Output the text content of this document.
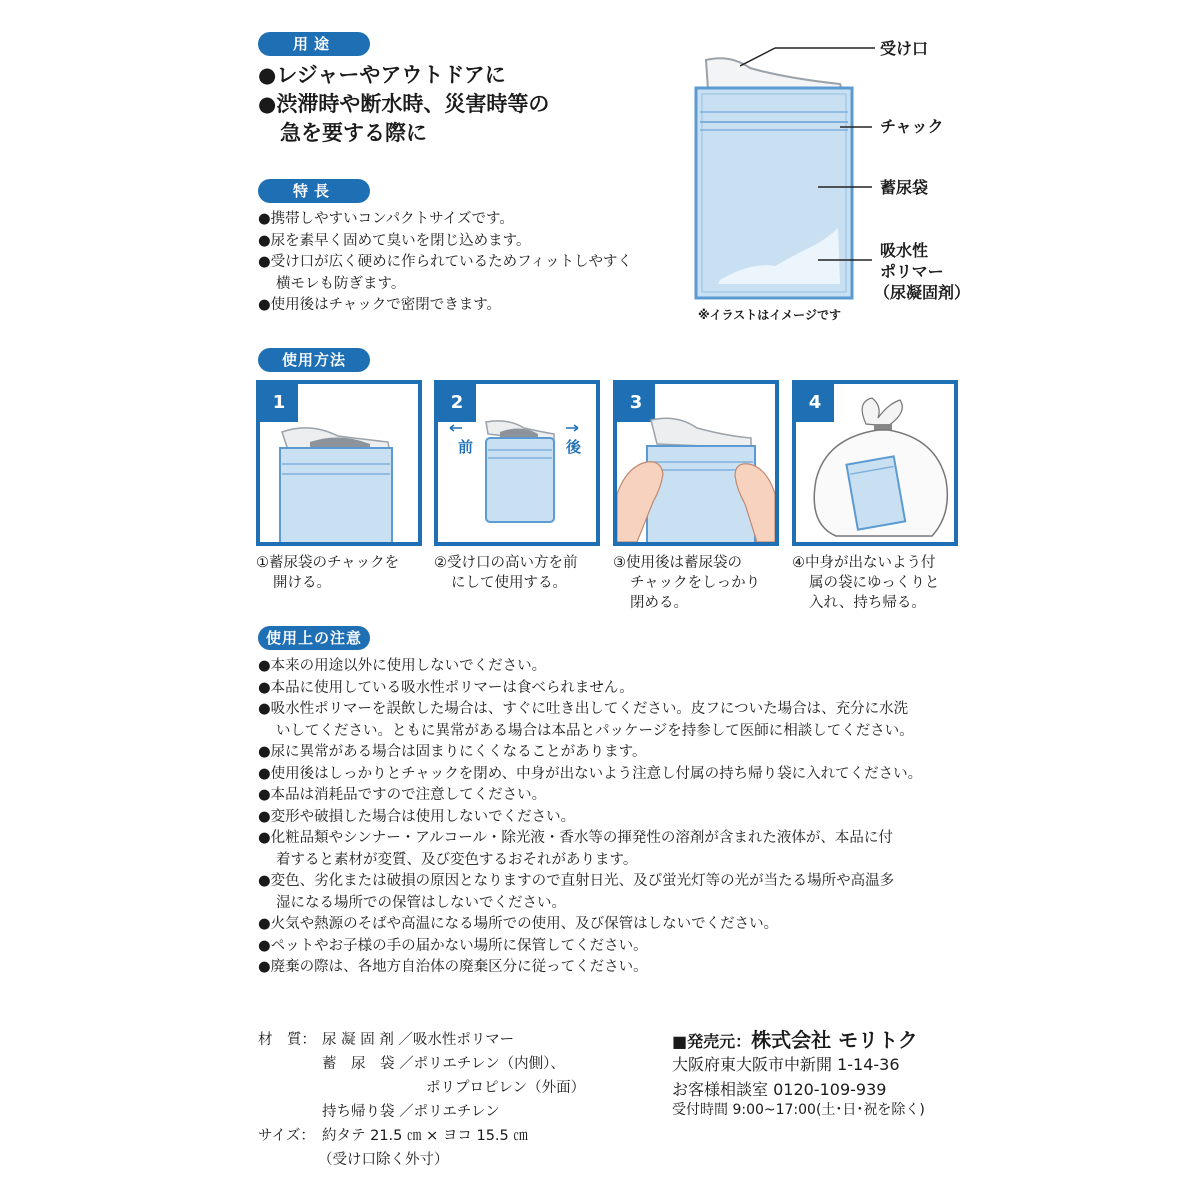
用途
●レジャーやアウトドアに
●渋滞時や断水時、災害時等の
急を要する際に
特長
●携帯しやすいコンパクトサイズです。
●尿を素早く固めて臭いを閉じ込めます。
●受け口が広く硬めに作られているためフィットしやすく
横モレも防ぎます。
●使用後はチャックで密閉できます。
受け口
チャック
蓄尿袋
吸水性
ポリマー
（尿凝固剤）
※イラストはイメージです
使用方法
1	2
前	後
3	4
①蓄尿袋のチャックを
開ける。
②受け口の高い方を前
にして使用する。
③使用後は蓄尿袋の
チャックをしっかり
閉める。
④中身が出ないよう付
属の袋にゆっくりと
入れ、持ち帰る。
使用上の注意
●本来の用途以外に使用しないでください。
●本品に使用している吸水性ポリマーは食べられません。
●吸水性ポリマーを誤飲した場合は、すぐに吐き出してください。皮フについた場合は、充分に水洗
いしてください。ともに異常がある場合は本品とパッケージを持参して医師に相談してください。
●尿に異常がある場合は固まりにくくなることがあります。
●使用後はしっかりとチャックを閉め、中身が出ないよう注意し付属の持ち帰り袋に入れてください。
●本品は消耗品ですので注意してください。
●変形や破損した場合は使用しないでください。
●化粧品類やシンナー・アルコール・除光液・香水等の揮発性の溶剤が含まれた液体が、本品に付
着すると素材が変質、及び変色するおそれがあります。
●変色、劣化または破損の原因となりますので直射日光、及び蛍光灯等の光が当たる場所や高温多
湿になる場所での保管はしないでください。
●火気や熱源のそばや高温になる場所での使用、及び保管はしないでください。
●ペットやお子様の手の届かない場所に保管してください。
●廃棄の際は、各地方自治体の廃棄区分に従ってください。
材　質： 尿 凝 固 剤 ／吸水性ポリマー
蓄　尿　袋 ／ポリエチレン（内側）、
ポリプロピレン（外面）
持ち帰り袋 ／ポリエチレン
サイズ： 約タテ 21.5 ㎝ × ヨコ 15.5 ㎝
（受け口除く外寸）
■発売元：株式会社 モリトク
大阪府東大阪市中新開 1-14-36
お客様相談室 0120-109-939
受付時間 9:00~17:00(土･日･祝を除く)
